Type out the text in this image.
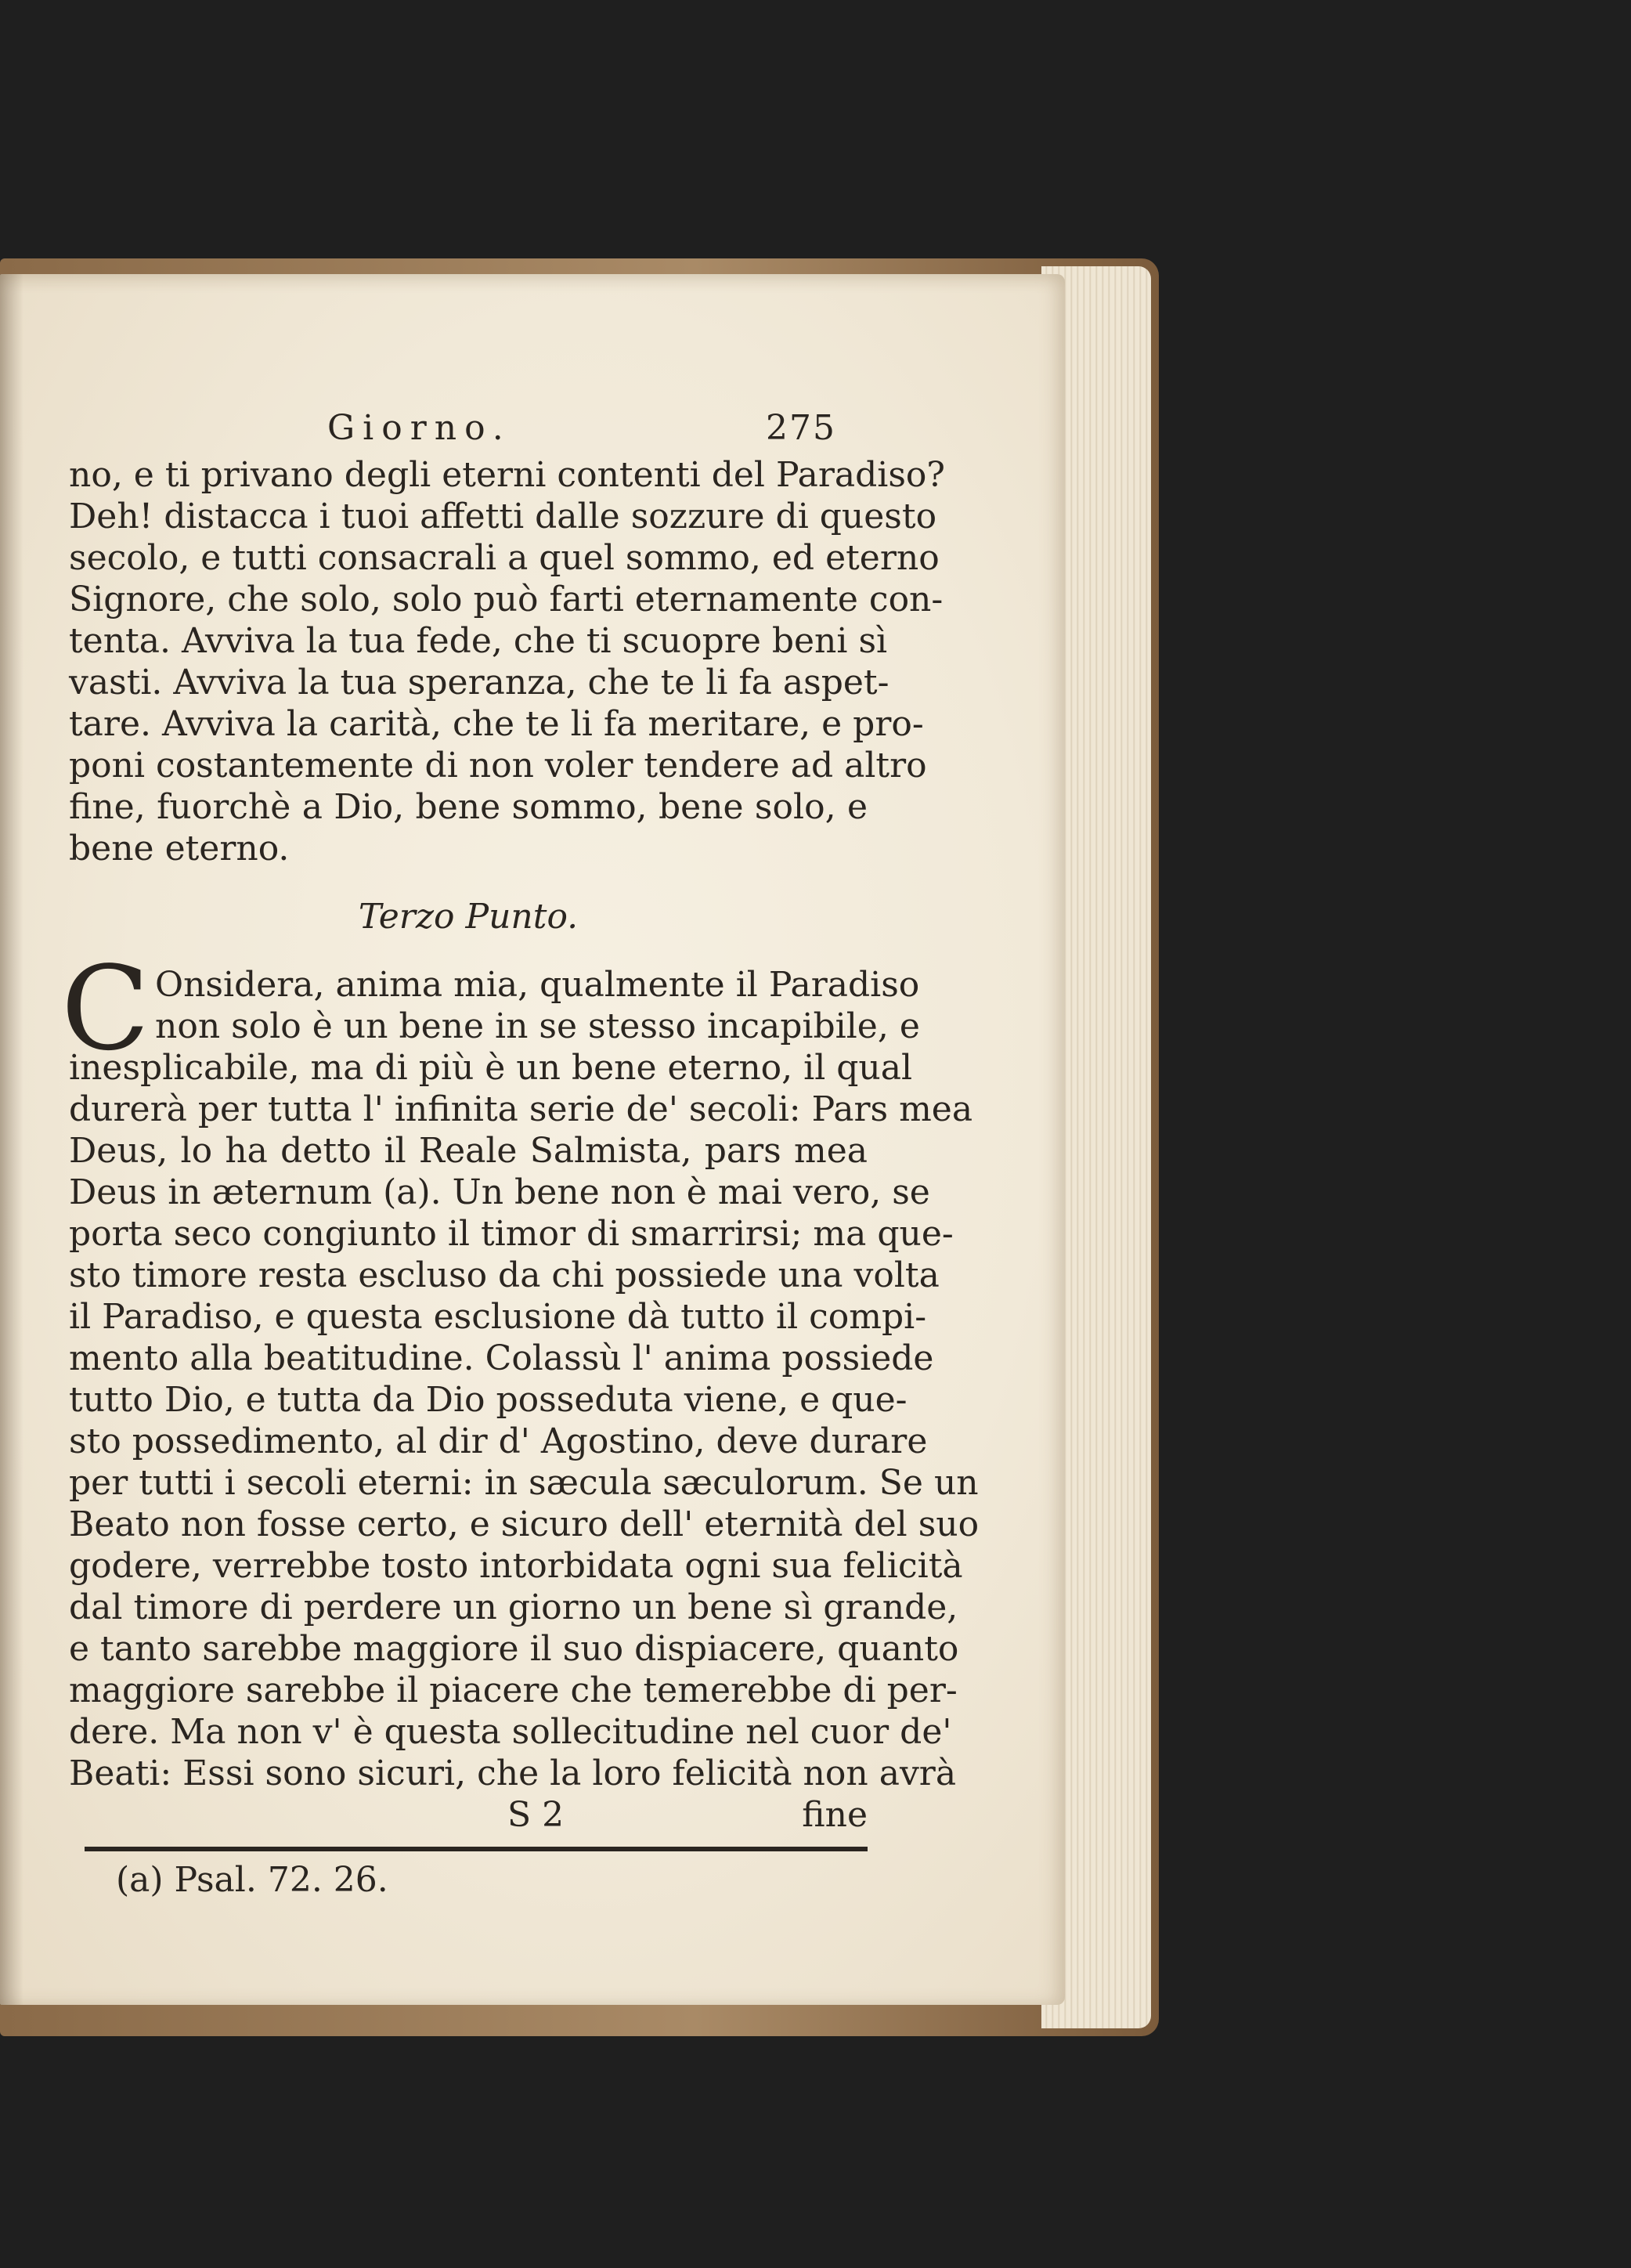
Giorno.	275
no, e ti privano degli eterni contenti del Paradiso?
Deh! distacca i tuoi affetti dalle sozzure di questo
secolo, e tutti consacrali a quel sommo, ed eterno
Signore, che solo, solo può farti eternamente con-
tenta. Avviva la tua fede, che ti scuopre beni sì
vasti. Avviva la tua speranza, che te li fa aspet-
tare. Avviva la carità, che te li fa meritare, e pro-
poni costantemente di non voler tendere ad altro
fine, fuorchè a Dio, bene sommo, bene solo, e
bene eterno.
Terzo Punto.
C Onsidera, anima mia, qualmente il Paradiso
non solo è un bene in se stesso incapibile, e
inesplicabile, ma di più è un bene eterno, il qual
durerà per tutta l' infinita serie de' secoli: Pars mea
Deus, lo ha detto il Reale Salmista, pars mea
Deus in æternum (a). Un bene non è mai vero, se
porta seco congiunto il timor di smarrirsi; ma que-
sto timore resta escluso da chi possiede una volta
il Paradiso, e questa esclusione dà tutto il compi-
mento alla beatitudine. Colassù l' anima possiede
tutto Dio, e tutta da Dio posseduta viene, e que-
sto possedimento, al dir d' Agostino, deve durare
per tutti i secoli eterni: in sæcula sæculorum. Se un
Beato non fosse certo, e sicuro dell' eternità del suo
godere, verrebbe tosto intorbidata ogni sua felicità
dal timore di perdere un giorno un bene sì grande,
e tanto sarebbe maggiore il suo dispiacere, quanto
maggiore sarebbe il piacere che temerebbe di per-
dere. Ma non v' è questa sollecitudine nel cuor de'
Beati: Essi sono sicuri, che la loro felicità non avrà
S 2	fine
(a) Psal. 72. 26.
